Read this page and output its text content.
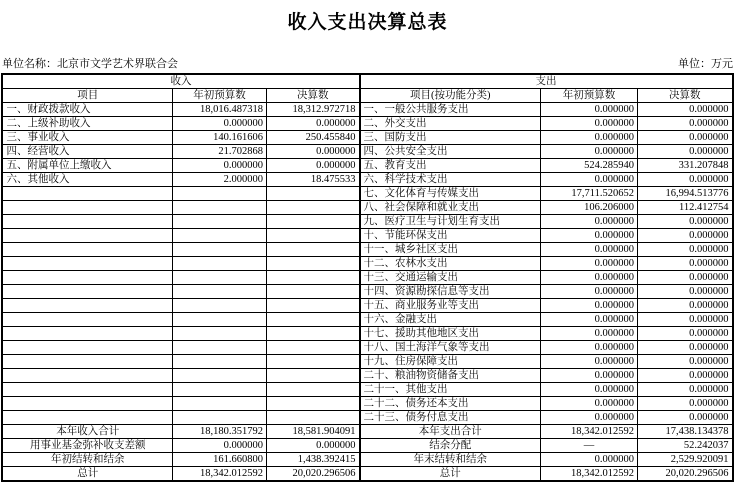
收入支出决算总表
单位名称：北京市文学艺术界联合会	单位：万元
收入			支出		
项目	年初预算数	决算数	项目(按功能分类)	年初预算数	决算数
一、财政拨款收入	18,016.487318	18,312.972718	一、一般公共服务支出	0.000000	0.000000
二、上级补助收入	0.000000	0.000000	二、外交支出	0.000000	0.000000
三、事业收入	140.161606	250.455840	三、国防支出	0.000000	0.000000
四、经营收入	21.702868	0.000000	四、公共安全支出	0.000000	0.000000
五、附属单位上缴收入	0.000000	0.000000	五、教育支出	524.285940	331.207848
六、其他收入	2.000000	18.475533	六、科学技术支出	0.000000	0.000000
			七、文化体育与传媒支出	17,711.520652	16,994.513776
			八、社会保障和就业支出	106.206000	112.412754
			九、医疗卫生与计划生育支出	0.000000	0.000000
			十、节能环保支出	0.000000	0.000000
			十一、城乡社区支出	0.000000	0.000000
			十二、农林水支出	0.000000	0.000000
			十三、交通运输支出	0.000000	0.000000
			十四、资源勘探信息等支出	0.000000	0.000000
			十五、商业服务业等支出	0.000000	0.000000
			十六、金融支出	0.000000	0.000000
			十七、援助其他地区支出	0.000000	0.000000
			十八、国土海洋气象等支出	0.000000	0.000000
			十九、住房保障支出	0.000000	0.000000
			二十、粮油物资储备支出	0.000000	0.000000
			二十一、其他支出	0.000000	0.000000
			二十二、债务还本支出	0.000000	0.000000
			二十三、债务付息支出	0.000000	0.000000
本年收入合计	18,180.351792	18,581.904091	本年支出合计	18,342.012592	17,438.134378
用事业基金弥补收支差额	0.000000	0.000000	结余分配	—	52.242037
年初结转和结余	161.660800	1,438.392415	年末结转和结余	0.000000	2,529.920091
总计	18,342.012592	20,020.296506	总计	18,342.012592	20,020.296506
